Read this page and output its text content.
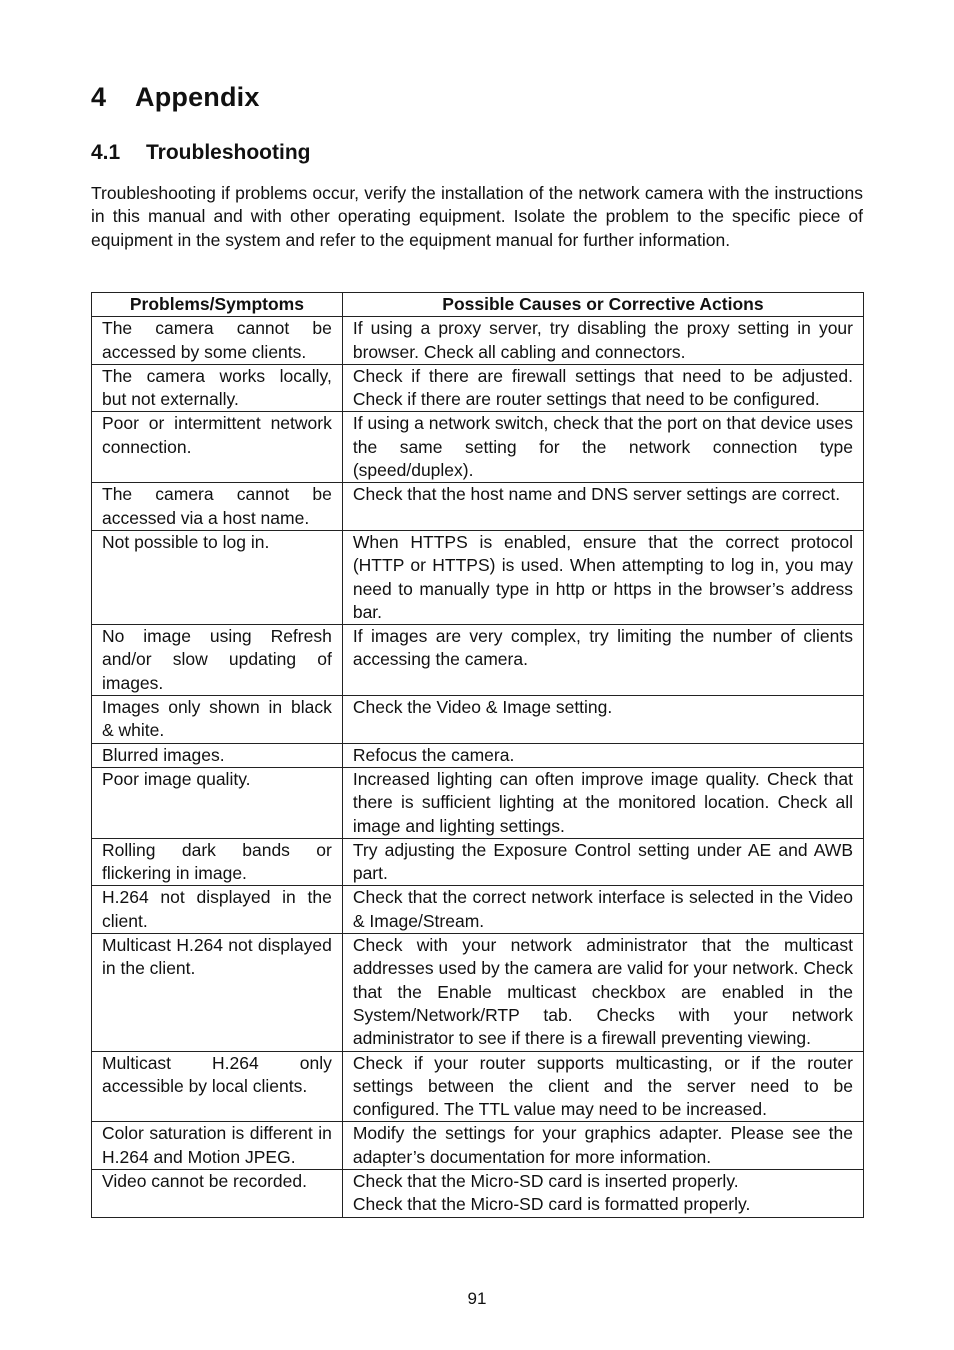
4 Appendix
4.1 Troubleshooting

Troubleshooting if problems occur, verify the installation of the network camera with the instructions in this manual and with other operating equipment. Isolate the problem to the specific piece of equipment in the system and refer to the equipment manual for further information.

Problems/Symptoms	Possible Causes or Corrective Actions
The camera cannot be accessed by some clients.	If using a proxy server, try disabling the proxy setting in your browser. Check all cabling and connectors.
The camera works locally, but not externally.	Check if there are firewall settings that need to be adjusted. Check if there are router settings that need to be configured.
Poor or intermittent network connection.	If using a network switch, check that the port on that device uses the same setting for the network connection type (speed/duplex).
The camera cannot be accessed via a host name.	Check that the host name and DNS server settings are correct.
Not possible to log in.	When HTTPS is enabled, ensure that the correct protocol (HTTP or HTTPS) is used. When attempting to log in, you may need to manually type in http or https in the browser’s address bar.
No image using Refresh and/or slow updating of images.	If images are very complex, try limiting the number of clients accessing the camera.
Images only shown in black & white.	Check the Video & Image setting.
Blurred images.	Refocus the camera.
Poor image quality.	Increased lighting can often improve image quality. Check that there is sufficient lighting at the monitored location. Check all image and lighting settings.
Rolling dark bands or flickering in image.	Try adjusting the Exposure Control setting under AE and AWB part.
H.264 not displayed in the client.	Check that the correct network interface is selected in the Video & Image/Stream.
Multicast H.264 not displayed in the client.	Check with your network administrator that the multicast addresses used by the camera are valid for your network. Check that the Enable multicast checkbox are enabled in the System/Network/RTP tab. Checks with your network administrator to see if there is a firewall preventing viewing.
Multicast H.264 only accessible by local clients.	Check if your router supports multicasting, or if the router settings between the client and the server need to be configured. The TTL value may need to be increased.
Color saturation is different in H.264 and Motion JPEG.	Modify the settings for your graphics adapter. Please see the adapter’s documentation for more information.
Video cannot be recorded.	Check that the Micro-SD card is inserted properly.
Check that the Micro-SD card is formatted properly.
91
